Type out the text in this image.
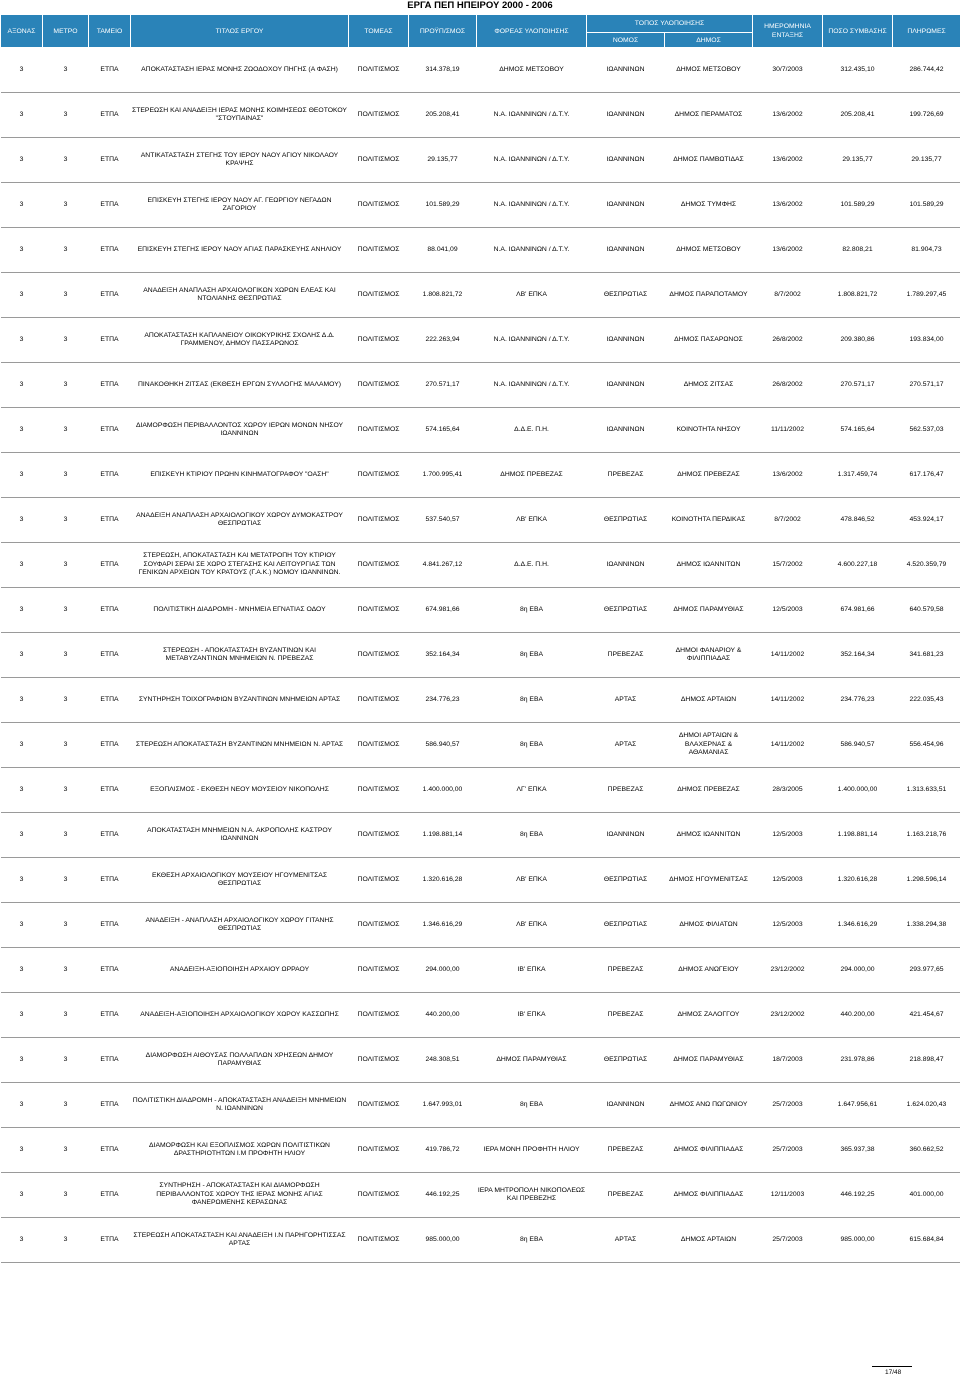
ΕΡΓΑ ΠΕΠ ΗΠΕΙΡΟΥ 2000 - 2006
ΑΞΟΝΑΣ	ΜΕΤΡΟ	ΤΑΜΕΙΟ	ΤΙΤΛΟΣ ΕΡΓΟΥ	ΤΟΜΕΑΣ	ΠΡΟΫΠ/ΣΜΟΣ	ΦΟΡΕΑΣ ΥΛΟΠΟΙΗΣΗΣ	ΤΟΠΟΣ ΥΛΟΠΟΙΗΣΗΣ		ΗΜΕΡΟΜΗΝΙΑ ΕΝΤΑΞΗΣ	ΠΟΣΟ ΣΥΜΒΑΣΗΣ	ΠΛΗΡΩΜΕΣ
							ΝΟΜΟΣ	ΔΗΜΟΣ			
3	3	ΕΤΠΑ	ΑΠΟΚΑΤΑΣΤΑΣΗ ΙΕΡΑΣ ΜΟΝΗΣ ΖΩΟΔΟΧΟΥ ΠΗΓΗΣ (Α ΦΑΣΗ)	ΠΟΛΙΤΙΣΜΟΣ	314.378,19	ΔΗΜΟΣ ΜΕΤΣΟΒΟΥ	ΙΩΑΝΝΙΝΩΝ	ΔΗΜΟΣ ΜΕΤΣΟΒΟΥ	30/7/2003	312.435,10	286.744,42
3	3	ΕΤΠΑ	ΣΤΕΡΕΩΣΗ ΚΑΙ ΑΝΑΔΕΙΞΗ ΙΕΡΑΣ ΜΟΝΗΣ ΚΟΙΜΗΣΕΩΣ ΘΕΟΤΟΚΟΥ "ΣΤΟΥΠΑΙΝΑΣ"	ΠΟΛΙΤΙΣΜΟΣ	205.208,41	Ν.Α. ΙΩΑΝΝΙΝΩΝ / Δ.Τ.Υ.	ΙΩΑΝΝΙΝΩΝ	ΔΗΜΟΣ ΠΕΡΑΜΑΤΟΣ	13/6/2002	205.208,41	199.726,69
3	3	ΕΤΠΑ	ΑΝΤΙΚΑΤΑΣΤΑΣΗ ΣΤΕΓΗΣ ΤΟΥ ΙΕΡΟΥ ΝΑΟΥ ΑΓΙΟΥ ΝΙΚΟΛΑΟΥ ΚΡΑΨΗΣ	ΠΟΛΙΤΙΣΜΟΣ	29.135,77	Ν.Α. ΙΩΑΝΝΙΝΩΝ / Δ.Τ.Υ.	ΙΩΑΝΝΙΝΩΝ	ΔΗΜΟΣ ΠΑΜΒΩΤΙΔΑΣ	13/6/2002	29.135,77	29.135,77
3	3	ΕΤΠΑ	ΕΠΙΣΚΕΥΗ ΣΤΕΓΗΣ ΙΕΡΟΥ ΝΑΟΥ ΑΓ. ΓΕΩΡΓΙΟΥ ΝΕΓΑΔΩΝ ΖΑΓΟΡΙΟΥ	ΠΟΛΙΤΙΣΜΟΣ	101.589,29	Ν.Α. ΙΩΑΝΝΙΝΩΝ / Δ.Τ.Υ.	ΙΩΑΝΝΙΝΩΝ	ΔΗΜΟΣ ΤΥΜΦΗΣ	13/6/2002	101.589,29	101.589,29
3	3	ΕΤΠΑ	ΕΠΙΣΚΕΥΗ ΣΤΕΓΗΣ ΙΕΡΟΥ ΝΑΟΥ ΑΓΙΑΣ ΠΑΡΑΣΚΕΥΗΣ ΑΝΗΛΙΟΥ	ΠΟΛΙΤΙΣΜΟΣ	88.041,09	Ν.Α. ΙΩΑΝΝΙΝΩΝ / Δ.Τ.Υ.	ΙΩΑΝΝΙΝΩΝ	ΔΗΜΟΣ ΜΕΤΣΟΒΟΥ	13/6/2002	82.808,21	81.904,73
3	3	ΕΤΠΑ	ΑΝΑΔΕΙΞΗ ΑΝΑΠΛΑΣΗ ΑΡΧΑΙΟΛΟΓΙΚΩΝ ΧΩΡΩΝ ΕΛΕΑΣ ΚΑΙ ΝΤΟΛΙΑΝΗΣ ΘΕΣΠΡΩΤΙΑΣ	ΠΟΛΙΤΙΣΜΟΣ	1.808.821,72	ΛΒ' ΕΠΚΑ	ΘΕΣΠΡΩΤΙΑΣ	ΔΗΜΟΣ ΠΑΡΑΠΟΤΑΜΟΥ	8/7/2002	1.808.821,72	1.789.297,45
3	3	ΕΤΠΑ	ΑΠΟΚΑΤΑΣΤΑΣΗ ΚΑΠΛΑΝΕΙΟΥ ΟΙΚΟΚΥΡΙΚΗΣ ΣΧΟΛΗΣ Δ.Δ. ΓΡΑΜΜΕΝΟΥ, ΔΗΜΟΥ ΠΑΣΣΑΡΩΝΟΣ	ΠΟΛΙΤΙΣΜΟΣ	222.263,94	Ν.Α. ΙΩΑΝΝΙΝΩΝ / Δ.Τ.Υ.	ΙΩΑΝΝΙΝΩΝ	ΔΗΜΟΣ ΠΑΣΑΡΩΝΟΣ	26/8/2002	209.380,86	193.834,00
3	3	ΕΤΠΑ	ΠΙΝΑΚΟΘΗΚΗ ΖΙΤΣΑΣ (ΕΚΘΕΣΗ ΕΡΓΩΝ ΣΥΛΛΟΓΗΣ ΜΑΛΑΜΟΥ)	ΠΟΛΙΤΙΣΜΟΣ	270.571,17	Ν.Α. ΙΩΑΝΝΙΝΩΝ / Δ.Τ.Υ.	ΙΩΑΝΝΙΝΩΝ	ΔΗΜΟΣ ΖΙΤΣΑΣ	26/8/2002	270.571,17	270.571,17
3	3	ΕΤΠΑ	ΔΙΑΜΟΡΦΩΣΗ ΠΕΡΙΒΑΛΛΟΝΤΟΣ ΧΩΡΟΥ ΙΕΡΩΝ ΜΟΝΩΝ ΝΗΣΟΥ ΙΩΑΝΝΙΝΩΝ	ΠΟΛΙΤΙΣΜΟΣ	574.165,64	Δ.Δ.Ε. Π.Η.	ΙΩΑΝΝΙΝΩΝ	ΚΟΙΝΟΤΗΤΑ ΝΗΣΟΥ	11/11/2002	574.165,64	562.537,03
3	3	ΕΤΠΑ	ΕΠΙΣΚΕΥΗ ΚΤΙΡΙΟΥ ΠΡΩΗΝ ΚΙΝΗΜΑΤΟΓΡΑΦΟΥ "ΟΑΣΗ"	ΠΟΛΙΤΙΣΜΟΣ	1.700.995,41	ΔΗΜΟΣ ΠΡΕΒΕΖΑΣ	ΠΡΕΒΕΖΑΣ	ΔΗΜΟΣ ΠΡΕΒΕΖΑΣ	13/6/2002	1.317.459,74	617.176,47
3	3	ΕΤΠΑ	ΑΝΑΔΕΙΞΗ ΑΝΑΠΛΑΣΗ ΑΡΧΑΙΟΛΟΓΙΚΟΥ ΧΩΡΟΥ ΔΥΜΟΚΑΣΤΡΟΥ ΘΕΣΠΡΩΤΙΑΣ	ΠΟΛΙΤΙΣΜΟΣ	537.540,57	ΛΒ' ΕΠΚΑ	ΘΕΣΠΡΩΤΙΑΣ	ΚΟΙΝΟΤΗΤΑ ΠΕΡΔΙΚΑΣ	8/7/2002	478.846,52	453.924,17
3	3	ΕΤΠΑ	ΣΤΕΡΕΩΣΗ, ΑΠΟΚΑΤΑΣΤΑΣΗ ΚΑΙ ΜΕΤΑΤΡΟΠΗ ΤΟΥ ΚΤΙΡΙΟΥ ΣΟΥΦΑΡΙ ΣΕΡΑΙ ΣΕ ΧΩΡΟ ΣΤΕΓΑΣΗΣ ΚΑΙ ΛΕΙΤΟΥΡΓΙΑΣ ΤΩΝ ΓΕΝΙΚΩΝ ΑΡΧΕΙΩΝ ΤΟΥ ΚΡΑΤΟΥΣ (Γ.Α.Κ.) ΝΟΜΟΥ ΙΩΑΝΝΙΝΩΝ.	ΠΟΛΙΤΙΣΜΟΣ	4.841.267,12	Δ.Δ.Ε. Π.Η.	ΙΩΑΝΝΙΝΩΝ	ΔΗΜΟΣ ΙΩΑΝΝΙΤΩΝ	15/7/2002	4.600.227,18	4.520.359,79
3	3	ΕΤΠΑ	ΠΟΛΙΤΙΣΤΙΚΗ ΔΙΑΔΡΟΜΗ - ΜΝΗΜΕΙΑ ΕΓΝΑΤΙΑΣ ΟΔΟΥ	ΠΟΛΙΤΙΣΜΟΣ	674.981,66	8η ΕΒΑ	ΘΕΣΠΡΩΤΙΑΣ	ΔΗΜΟΣ ΠΑΡΑΜΥΘΙΑΣ	12/5/2003	674.981,66	640.579,58
3	3	ΕΤΠΑ	ΣΤΕΡΕΩΣΗ - ΑΠΟΚΑΤΑΣΤΑΣΗ ΒΥΖΑΝΤΙΝΩΝ ΚΑΙ ΜΕΤΑΒΥΖΑΝΤΙΝΩΝ ΜΝΗΜΕΙΩΝ Ν. ΠΡΕΒΕΖΑΣ	ΠΟΛΙΤΙΣΜΟΣ	352.164,34	8η ΕΒΑ	ΠΡΕΒΕΖΑΣ	ΔΗΜΟΙ ΦΑΝΑΡΙΟΥ & ΦΙΛΙΠΠΙΑΔΑΣ	14/11/2002	352.164,34	341.681,23
3	3	ΕΤΠΑ	ΣΥΝΤΗΡΗΣΗ ΤΟΙΧΟΓΡΑΦΙΩΝ ΒΥΖΑΝΤΙΝΩΝ ΜΝΗΜΕΙΩΝ ΑΡΤΑΣ	ΠΟΛΙΤΙΣΜΟΣ	234.776,23	8η ΕΒΑ	ΑΡΤΑΣ	ΔΗΜΟΣ ΑΡΤΑΙΩΝ	14/11/2002	234.776,23	222.035,43
3	3	ΕΤΠΑ	ΣΤΕΡΕΩΣΗ ΑΠΟΚΑΤΑΣΤΑΣΗ ΒΥΖΑΝΤΙΝΩΝ ΜΝΗΜΕΙΩΝ Ν. ΑΡΤΑΣ	ΠΟΛΙΤΙΣΜΟΣ	586.940,57	8η ΕΒΑ	ΑΡΤΑΣ	ΔΗΜΟΙ ΑΡΤΑΙΩΝ & ΒΛΑΧΕΡΝΑΣ & ΑΘΑΜΑΝΙΑΣ	14/11/2002	586.940,57	556.454,96
3	3	ΕΤΠΑ	ΕΞΟΠΛΙΣΜΟΣ - ΕΚΘΕΣΗ ΝΕΟΥ ΜΟΥΣΕΙΟΥ ΝΙΚΟΠΟΛΗΣ	ΠΟΛΙΤΙΣΜΟΣ	1.400.000,00	ΛΓ' ΕΠΚΑ	ΠΡΕΒΕΖΑΣ	ΔΗΜΟΣ ΠΡΕΒΕΖΑΣ	28/3/2005	1.400.000,00	1.313.633,51
3	3	ΕΤΠΑ	ΑΠΟΚΑΤΑΣΤΑΣΗ ΜΝΗΜΕΙΩΝ Ν.Α. ΑΚΡΟΠΟΛΗΣ ΚΑΣΤΡΟΥ ΙΩΑΝΝΙΝΩΝ	ΠΟΛΙΤΙΣΜΟΣ	1.198.881,14	8η ΕΒΑ	ΙΩΑΝΝΙΝΩΝ	ΔΗΜΟΣ ΙΩΑΝΝΙΤΩΝ	12/5/2003	1.198.881,14	1.163.218,76
3	3	ΕΤΠΑ	ΕΚΘΕΣΗ ΑΡΧΑΙΟΛΟΓΙΚΟΥ ΜΟΥΣΕΙΟΥ ΗΓΟΥΜΕΝΙΤΣΑΣ ΘΕΣΠΡΩΤΙΑΣ	ΠΟΛΙΤΙΣΜΟΣ	1.320.616,28	ΛΒ' ΕΠΚΑ	ΘΕΣΠΡΩΤΙΑΣ	ΔΗΜΟΣ ΗΓΟΥΜΕΝΙΤΣΑΣ	12/5/2003	1.320.616,28	1.298.596,14
3	3	ΕΤΠΑ	ΑΝΑΔΕΙΞΗ - ΑΝΑΠΛΑΣΗ ΑΡΧΑΙΟΛΟΓΙΚΟΥ ΧΩΡΟΥ ΓΙΤΑΝΗΣ ΘΕΣΠΡΩΤΙΑΣ	ΠΟΛΙΤΙΣΜΟΣ	1.346.616,29	ΛΒ' ΕΠΚΑ	ΘΕΣΠΡΩΤΙΑΣ	ΔΗΜΟΣ ΦΙΛΙΑΤΩΝ	12/5/2003	1.346.616,29	1.338.294,38
3	3	ΕΤΠΑ	ΑΝΑΔΕΙΞΗ-ΑΞΙΟΠΟΙΗΣΗ ΑΡΧΑΙΟΥ ΩΡΡΑΟΥ	ΠΟΛΙΤΙΣΜΟΣ	294.000,00	ΙΒ' ΕΠΚΑ	ΠΡΕΒΕΖΑΣ	ΔΗΜΟΣ ΑΝΩΓΕΙΟΥ	23/12/2002	294.000,00	293.977,65
3	3	ΕΤΠΑ	ΑΝΑΔΕΙΞΗ-ΑΞΙΟΠΟΙΗΣΗ ΑΡΧΑΙΟΛΟΓΙΚΟΥ ΧΩΡΟΥ ΚΑΣΣΩΠΗΣ	ΠΟΛΙΤΙΣΜΟΣ	440.200,00	ΙΒ' ΕΠΚΑ	ΠΡΕΒΕΖΑΣ	ΔΗΜΟΣ ΖΑΛΟΓΓΟΥ	23/12/2002	440.200,00	421.454,67
3	3	ΕΤΠΑ	ΔΙΑΜΟΡΦΩΣΗ ΑΙΘΟΥΣΑΣ ΠΟΛΛΑΠΛΩΝ ΧΡΗΣΕΩΝ ΔΗΜΟΥ ΠΑΡΑΜΥΘΙΑΣ	ΠΟΛΙΤΙΣΜΟΣ	248.308,51	ΔΗΜΟΣ ΠΑΡΑΜΥΘΙΑΣ	ΘΕΣΠΡΩΤΙΑΣ	ΔΗΜΟΣ ΠΑΡΑΜΥΘΙΑΣ	18/7/2003	231.978,86	218.898,47
3	3	ΕΤΠΑ	ΠΟΛΙΤΙΣΤΙΚΗ ΔΙΑΔΡΟΜΗ - ΑΠΟΚΑΤΑΣΤΑΣΗ ΑΝΑΔΕΙΞΗ ΜΝΗΜΕΙΩΝ Ν. ΙΩΑΝΝΙΝΩΝ	ΠΟΛΙΤΙΣΜΟΣ	1.647.993,01	8η ΕΒΑ	ΙΩΑΝΝΙΝΩΝ	ΔΗΜΟΣ ΑΝΩ ΠΩΓΩΝΙΟΥ	25/7/2003	1.647.956,61	1.624.020,43
3	3	ΕΤΠΑ	ΔΙΑΜΟΡΦΩΣΗ ΚΑΙ ΕΞΟΠΛΙΣΜΟΣ ΧΩΡΩΝ ΠΟΛΙΤΙΣΤΙΚΩΝ ΔΡΑΣΤΗΡΙΟΤΗΤΩΝ Ι.Μ ΠΡΟΦΗΤΗ ΗΛΙΟΥ	ΠΟΛΙΤΙΣΜΟΣ	419.786,72	ΙΕΡΑ ΜΟΝΗ ΠΡΟΦΗΤΗ ΗΛΙΟΥ	ΠΡΕΒΕΖΑΣ	ΔΗΜΟΣ ΦΙΛΙΠΠΙΑΔΑΣ	25/7/2003	365.937,38	360.662,52
3	3	ΕΤΠΑ	ΣΥΝΤΗΡΗΣΗ - ΑΠΟΚΑΤΑΣΤΑΣΗ ΚΑΙ ΔΙΑΜΟΡΦΩΣΗ ΠΕΡΙΒΑΛΛΟΝΤΟΣ ΧΩΡΟΥ ΤΗΣ ΙΕΡΑΣ ΜΟΝΗΣ ΑΓΙΑΣ ΦΑΝΕΡΩΜΕΝΗΣ ΚΕΡΑΣΩΝΑΣ	ΠΟΛΙΤΙΣΜΟΣ	446.192,25	ΙΕΡΑ ΜΗΤΡΟΠΟΛΗ ΝΙΚΟΠΟΛΕΩΣ ΚΑΙ ΠΡΕΒΕΖΗΣ	ΠΡΕΒΕΖΑΣ	ΔΗΜΟΣ ΦΙΛΙΠΠΙΑΔΑΣ	12/11/2003	446.192,25	401.000,00
3	3	ΕΤΠΑ	ΣΤΕΡΕΩΣΗ ΑΠΟΚΑΤΑΣΤΑΣΗ ΚΑΙ ΑΝΑΔΕΙΞΗ Ι.Ν ΠΑΡΗΓΟΡΗΤΙΣΣΑΣ ΑΡΤΑΣ	ΠΟΛΙΤΙΣΜΟΣ	985.000,00	8η ΕΒΑ	ΑΡΤΑΣ	ΔΗΜΟΣ ΑΡΤΑΙΩΝ	25/7/2003	985.000,00	615.684,84
17/48
